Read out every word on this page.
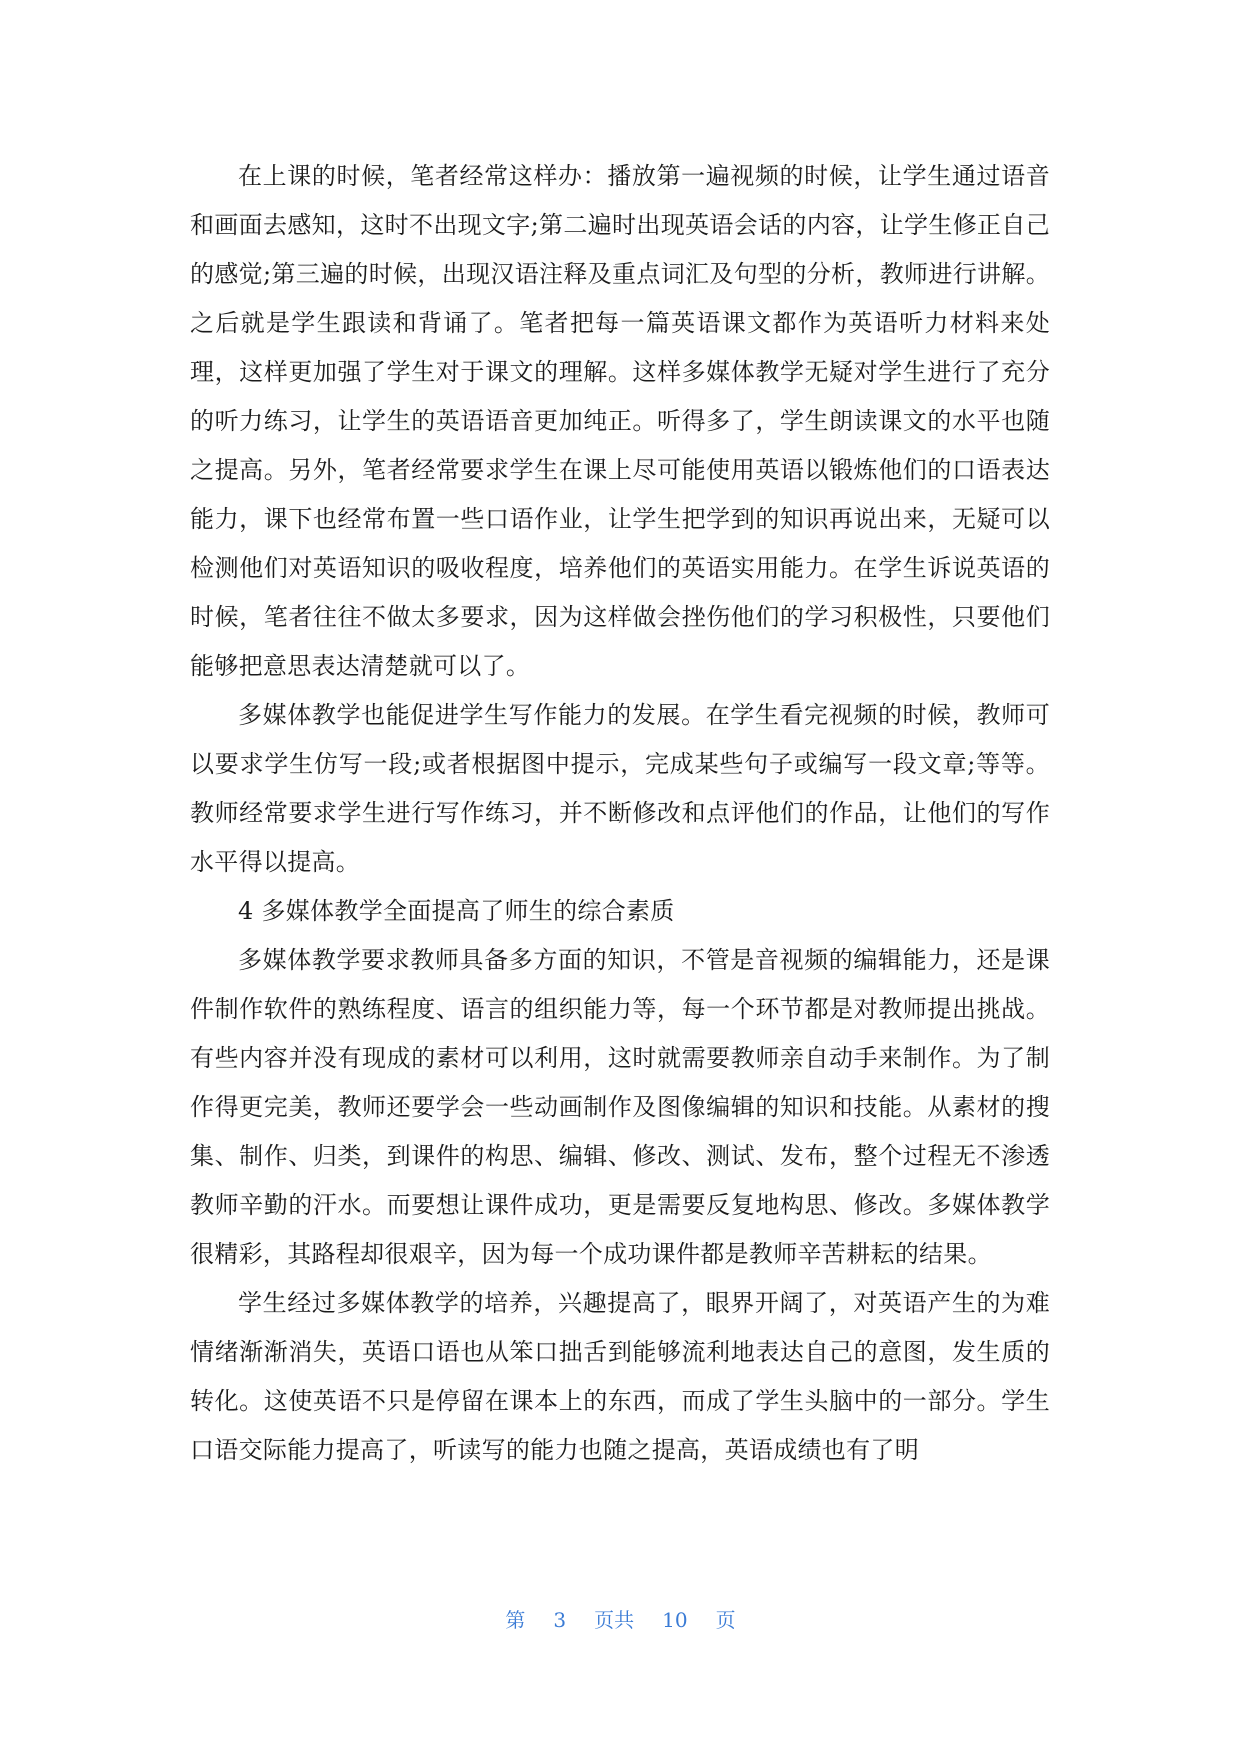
在上课的时候，笔者经常这样办：播放第一遍视频的时候，让学生通过语音和画面去感知，这时不出现文字;第二遍时出现英语会话的内容，让学生修正自己的感觉;第三遍的时候，出现汉语注释及重点词汇及句型的分析，教师进行讲解。之后就是学生跟读和背诵了。笔者把每一篇英语课文都作为英语听力材料来处理，这样更加强了学生对于课文的理解。这样多媒体教学无疑对学生进行了充分的听力练习，让学生的英语语音更加纯正。听得多了，学生朗读课文的水平也随之提高。另外，笔者经常要求学生在课上尽可能使用英语以锻炼他们的口语表达能力，课下也经常布置一些口语作业，让学生把学到的知识再说出来，无疑可以检测他们对英语知识的吸收程度，培养他们的英语实用能力。在学生诉说英语的时候，笔者往往不做太多要求，因为这样做会挫伤他们的学习积极性，只要他们能够把意思表达清楚就可以了。

多媒体教学也能促进学生写作能力的发展。在学生看完视频的时候，教师可以要求学生仿写一段;或者根据图中提示，完成某些句子或编写一段文章;等等。教师经常要求学生进行写作练习，并不断修改和点评他们的作品，让他们的写作水平得以提高。

4 多媒体教学全面提高了师生的综合素质

多媒体教学要求教师具备多方面的知识，不管是音视频的编辑能力，还是课件制作软件的熟练程度、语言的组织能力等，每一个环节都是对教师提出挑战。有些内容并没有现成的素材可以利用，这时就需要教师亲自动手来制作。为了制作得更完美，教师还要学会一些动画制作及图像编辑的知识和技能。从素材的搜集、制作、归类，到课件的构思、编辑、修改、测试、发布，整个过程无不渗透教师辛勤的汗水。而要想让课件成功，更是需要反复地构思、修改。多媒体教学很精彩，其路程却很艰辛，因为每一个成功课件都是教师辛苦耕耘的结果。

学生经过多媒体教学的培养，兴趣提高了，眼界开阔了，对英语产生的为难情绪渐渐消失，英语口语也从笨口拙舌到能够流利地表达自己的意图，发生质的转化。这使英语不只是停留在课本上的东西，而成了学生头脑中的一部分。学生口语交际能力提高了，听读写的能力也随之提高，英语成绩也有了明

第 3 页共 10 页
